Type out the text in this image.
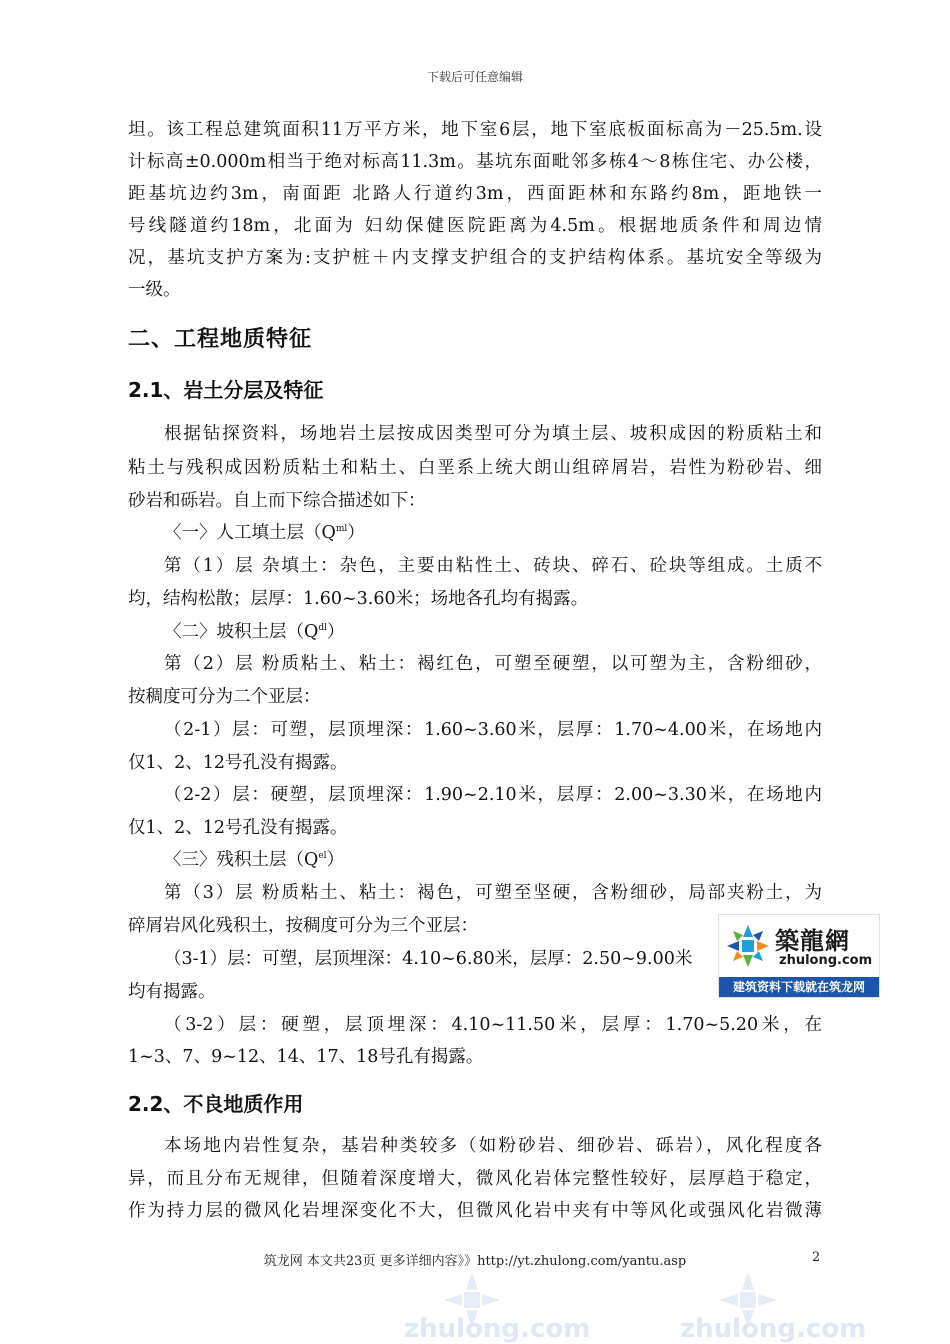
下载后可任意编辑
坦。该工程总建筑面积11万平方米，地下室6层，地下室底板面标高为－25.5m.设
计标高±0.000m相当于绝对标高11.3m。基坑东面毗邻多栋4～8栋住宅、办公楼，
距基坑边约3m，南面距 北路人行道约3m，西面距林和东路约8m，距地铁一
号线隧道约18m，北面为 妇幼保健医院距离为4.5m。根据地质条件和周边情
况，基坑支护方案为:支护桩＋内支撑支护组合的支护结构体系。基坑安全等级为
一级。
二、工程地质特征
2.1、岩土分层及特征
根据钻探资料，场地岩土层按成因类型可分为填土层、坡积成因的粉质粘土和
粘土与残积成因粉质粘土和粘土、白垩系上统大朗山组碎屑岩，岩性为粉砂岩、细
砂岩和砾岩。自上而下综合描述如下：
〈一〉人工填土层$(Q^{ml})$
第（1）层 杂填土：杂色，主要由粘性土、砖块、碎石、砼块等组成。土质不
均，结构松散；层厚：1.60~3.60米；场地各孔均有揭露。
〈二〉坡积土层$(Q^{dl})$
第（2）层 粉质粘土、粘土：褐红色，可塑至硬塑，以可塑为主，含粉细砂，
按稠度可分为二个亚层：
（2-1）层：可塑，层顶埋深：1.60~3.60米，层厚：1.70~4.00米，在场地内
仅1、2、12号孔没有揭露。
（2-2）层：硬塑，层顶埋深：1.90~2.10米，层厚：2.00~3.30米，在场地内
仅1、2、12号孔没有揭露。
〈三〉残积土层$(Q^{el})$
第（3）层 粉质粘土、粘土：褐色，可塑至坚硬，含粉细砂，局部夹粉土，为
碎屑岩风化残积土，按稠度可分为三个亚层：
（3-1）层：可塑，层顶埋深：4.10~6.80米，层厚：2.50~9.00米
均有揭露。
（3-2）层：硬塑，层顶埋深：4.10~11.50米，层厚：1.70~5.20米，在
1~3、7、9~12、14、17、18号孔有揭露。
2.2、不良地质作用
本场地内岩性复杂，基岩种类较多（如粉砂岩、细砂岩、砾岩），风化程度各
异，而且分布无规律，但随着深度增大，微风化岩体完整性较好，层厚趋于稳定，
作为持力层的微风化岩埋深变化不大，但微风化岩中夹有中等风化或强风化岩微薄
築龍網
zhulong.com
建筑资料下载就在筑龙网
筑龙网 本文共23页 更多详细内容》》http://yt.zhulong.com/yantu.asp	2
zhulong.com	zhulong.com
